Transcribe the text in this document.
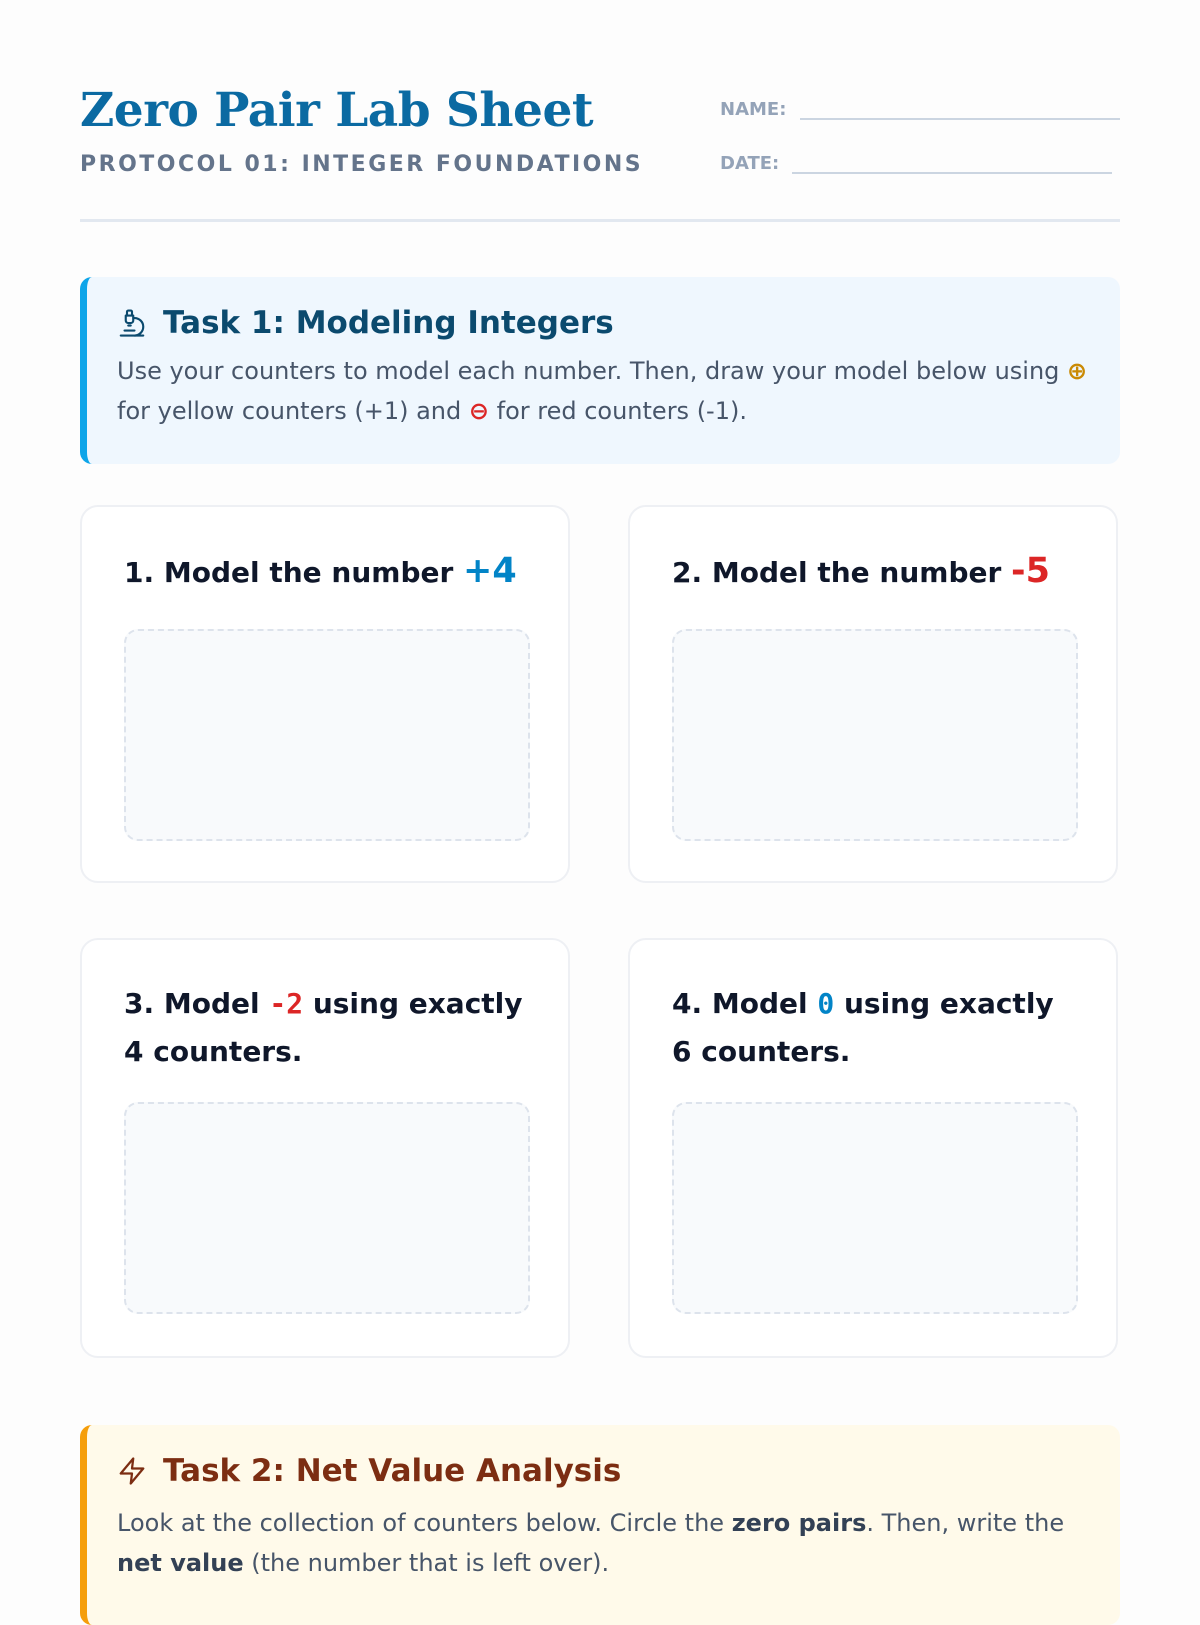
Zero Pair Lab Sheet
PROTOCOL 01: INTEGER FOUNDATIONS
NAME:
DATE:
Task 1: Modeling Integers
Use your counters to model each number. Then, draw your model below using ⊕ for yellow counters (+1) and ⊖ for red counters (-1).

1. Model the number +4	2. Model the number -5

3. Model -2 using exactly 4 counters.

4. Model 0 using exactly 6 counters.

Task 2: Net Value Analysis
Look at the collection of counters below. Circle the zero pairs. Then, write the net value (the number that is left over).
